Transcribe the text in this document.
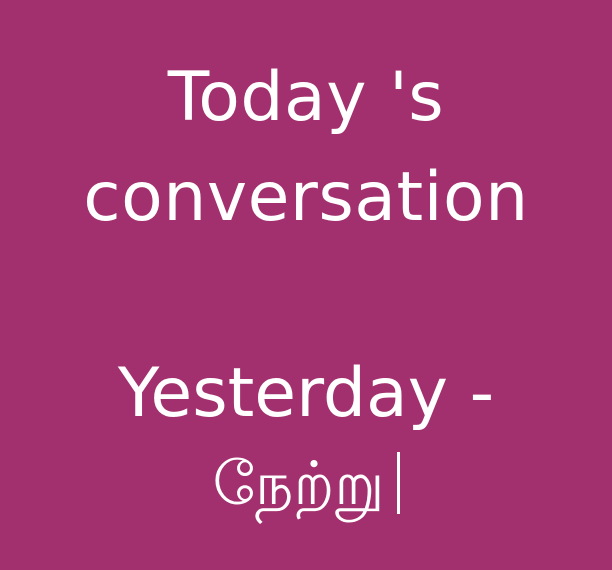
Today 's
conversation
Yesterday -
நேற்று
